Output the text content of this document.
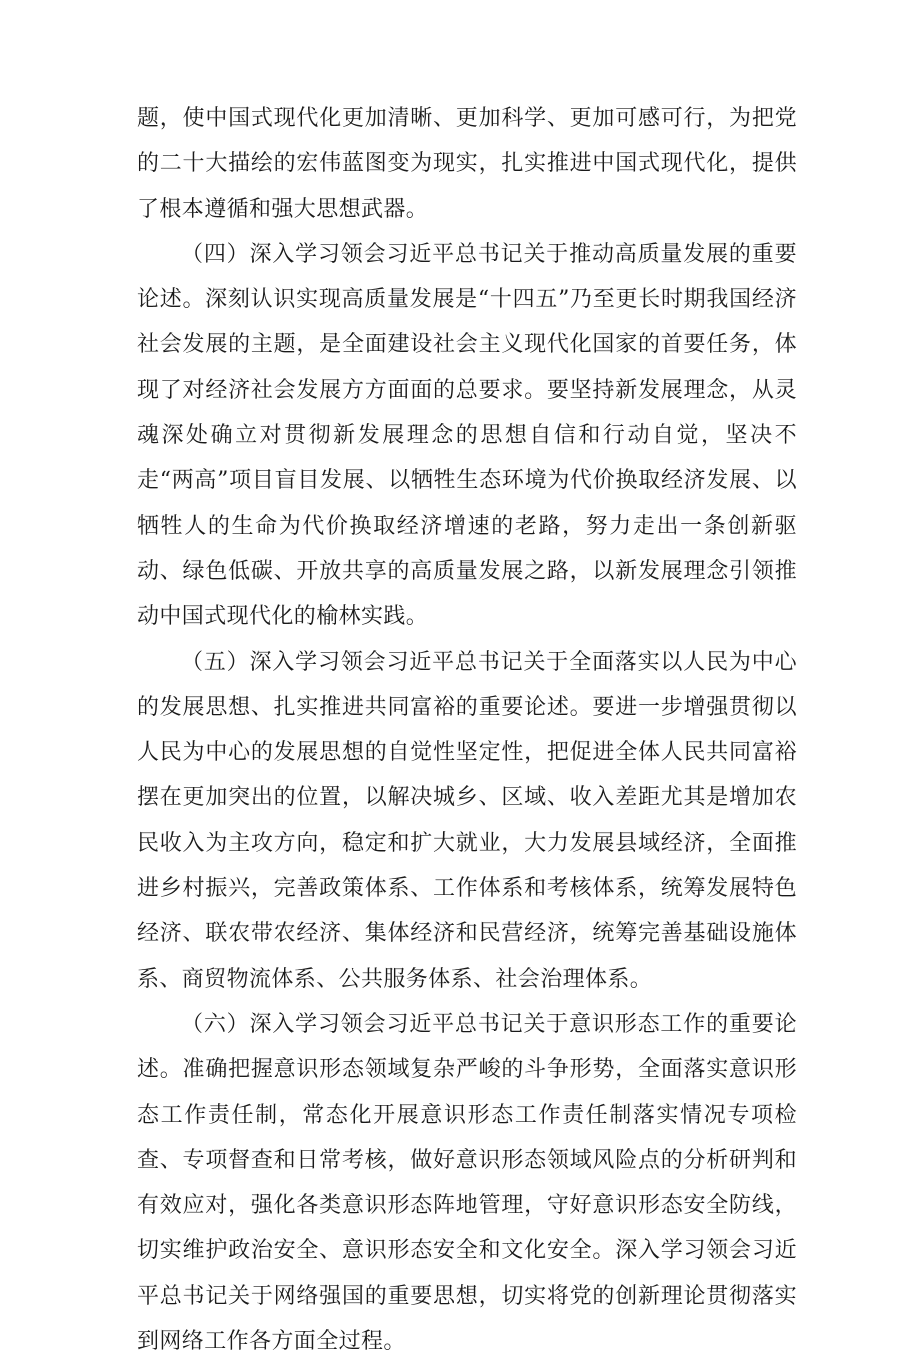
题，使中国式现代化更加清晰、更加科学、更加可感可行，为把党的二十大描绘的宏伟蓝图变为现实，扎实推进中国式现代化，提供了根本遵循和强大思想武器。

（四）深入学习领会习近平总书记关于推动高质量发展的重要论述。深刻认识实现高质量发展是“十四五”乃至更长时期我国经济社会发展的主题，是全面建设社会主义现代化国家的首要任务，体现了对经济社会发展方方面面的总要求。要坚持新发展理念，从灵魂深处确立对贯彻新发展理念的思想自信和行动自觉，坚决不走“两高”项目盲目发展、以牺牲生态环境为代价换取经济发展、以牺牲人的生命为代价换取经济增速的老路，努力走出一条创新驱动、绿色低碳、开放共享的高质量发展之路，以新发展理念引领推动中国式现代化的榆林实践。

（五）深入学习领会习近平总书记关于全面落实以人民为中心的发展思想、扎实推进共同富裕的重要论述。要进一步增强贯彻以人民为中心的发展思想的自觉性坚定性，把促进全体人民共同富裕摆在更加突出的位置，以解决城乡、区域、收入差距尤其是增加农民收入为主攻方向，稳定和扩大就业，大力发展县域经济，全面推进乡村振兴，完善政策体系、工作体系和考核体系，统筹发展特色经济、联农带农经济、集体经济和民营经济，统筹完善基础设施体系、商贸物流体系、公共服务体系、社会治理体系。

（六）深入学习领会习近平总书记关于意识形态工作的重要论述。准确把握意识形态领域复杂严峻的斗争形势，全面落实意识形态工作责任制，常态化开展意识形态工作责任制落实情况专项检查、专项督查和日常考核，做好意识形态领域风险点的分析研判和有效应对，强化各类意识形态阵地管理，守好意识形态安全防线，切实维护政治安全、意识形态安全和文化安全。深入学习领会习近平总书记关于网络强国的重要思想，切实将党的创新理论贯彻落实到网络工作各方面全过程。
